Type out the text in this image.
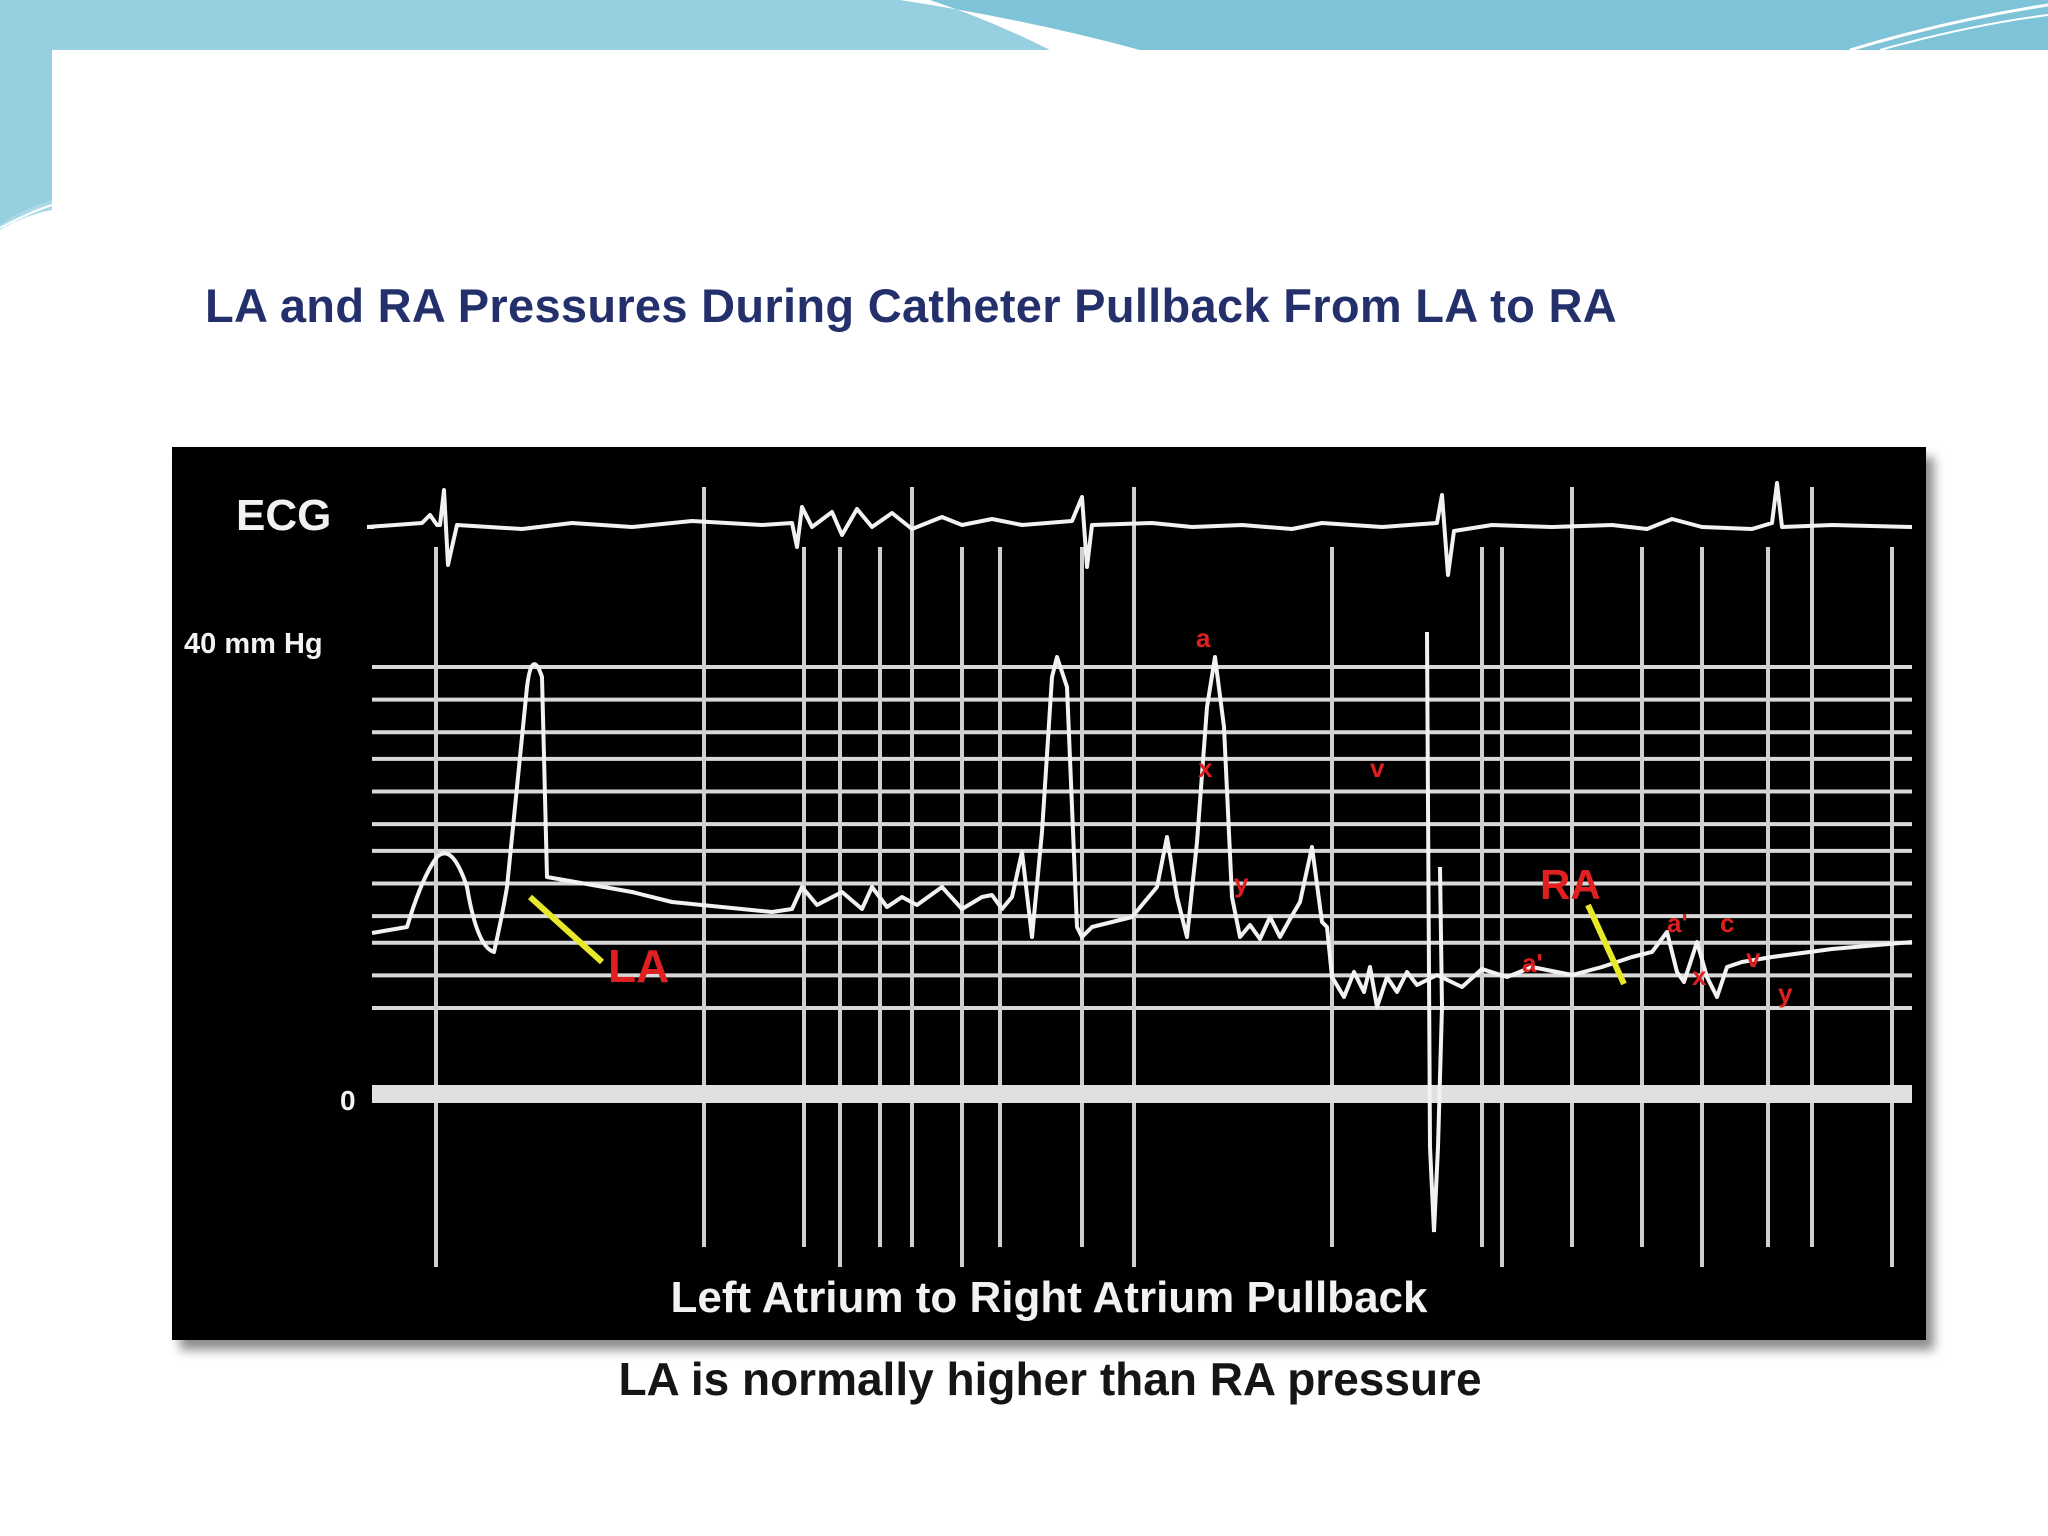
LA and RA Pressures During Catheter Pullback From LA to RA
a
x	v
y
a'
a' c
x
v
y
LA
RA
ECG
40 mm Hg
0
Left Atrium to Right Atrium Pullback
LA is normally higher than RA pressure
